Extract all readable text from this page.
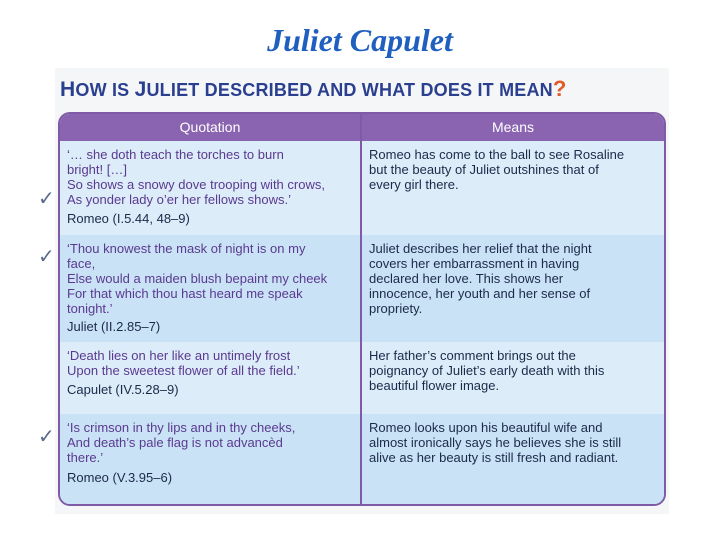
Juliet Capulet
HOW IS JULIET DESCRIBED AND WHAT DOES IT MEAN?
Quotation	Means
‘… she doth teach the torches to burn
bright! […]
So shows a snowy dove trooping with crows,
As yonder lady o’er her fellows shows.’
Romeo (I.5.44, 48–9)
Romeo has come to the ball to see Rosaline
but the beauty of Juliet outshines that of
every girl there.
‘Thou knowest the mask of night is on my
face,
Else would a maiden blush bepaint my cheek
For that which thou hast heard me speak
tonight.’
Juliet (II.2.85–7)
Juliet describes her relief that the night
covers her embarrassment in having
declared her love. This shows her
innocence, her youth and her sense of
propriety.
‘Death lies on her like an untimely frost
Upon the sweetest flower of all the field.’
Capulet (IV.5.28–9)
Her father’s comment brings out the
poignancy of Juliet’s early death with this
beautiful flower image.
‘Is crimson in thy lips and in thy cheeks,
And death’s pale flag is not advancèd
there.’
Romeo (V.3.95–6)
Romeo looks upon his beautiful wife and
almost ironically says he believes she is still
alive as her beauty is still fresh and radiant.
✓
✓
✓
